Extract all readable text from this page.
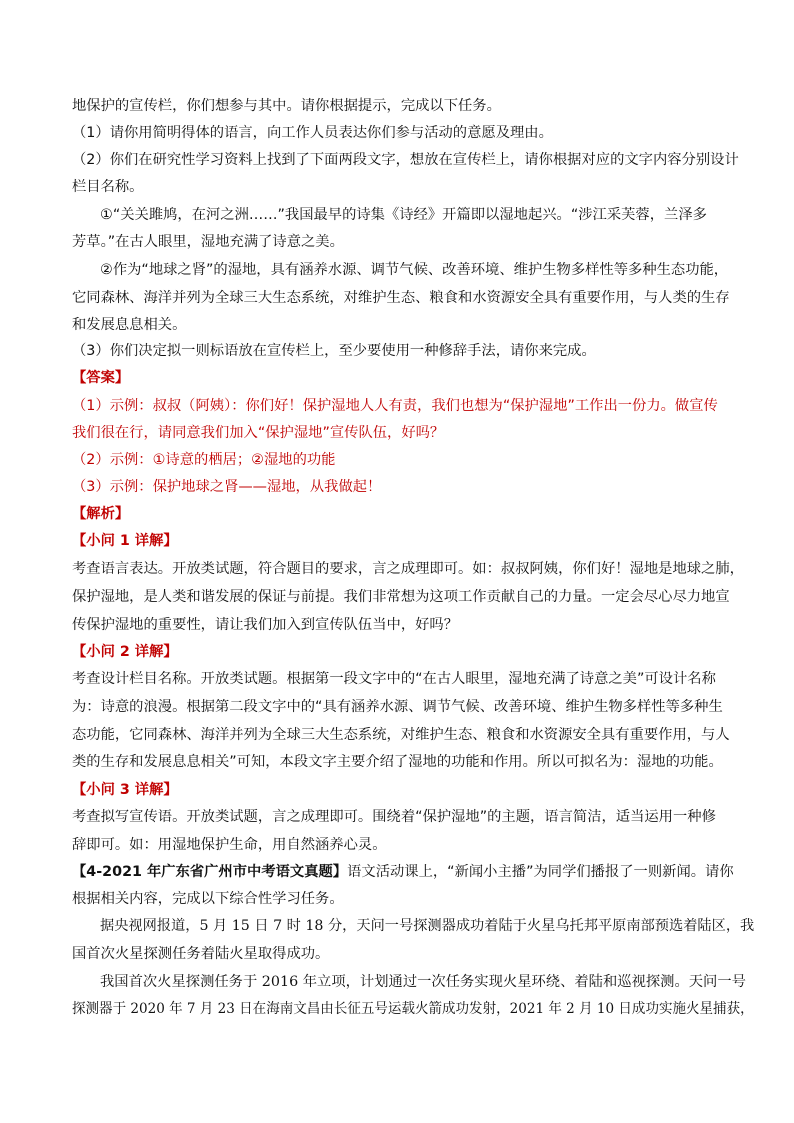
地保护的宣传栏，你们想参与其中。请你根据提示，完成以下任务。
（1）请你用简明得体的语言，向工作人员表达你们参与活动的意愿及理由。
（2）你们在研究性学习资料上找到了下面两段文字，想放在宣传栏上，请你根据对应的文字内容分别设计
栏目名称。
①“关关雎鸠，在河之洲……”我国最早的诗集《诗经》开篇即以湿地起兴。“涉江采芙蓉，兰泽多
芳草。”在古人眼里，湿地充满了诗意之美。
②作为“地球之肾”的湿地，具有涵养水源、调节气候、改善环境、维护生物多样性等多种生态功能，
它同森林、海洋并列为全球三大生态系统，对维护生态、粮食和水资源安全具有重要作用，与人类的生存
和发展息息相关。
（3）你们决定拟一则标语放在宣传栏上，至少要使用一种修辞手法，请你来完成。
【答案】
（1）示例：叔叔（阿姨）：你们好！保护湿地人人有责，我们也想为“保护湿地”工作出一份力。做宣传
我们很在行，请同意我们加入“保护湿地”宣传队伍，好吗？
（2）示例：①诗意的栖居；②湿地的功能
（3）示例：保护地球之肾——湿地，从我做起！
【解析】
【小问 1 详解】
考查语言表达。开放类试题，符合题目的要求，言之成理即可。如：叔叔阿姨，你们好！湿地是地球之肺，
保护湿地，是人类和谐发展的保证与前提。我们非常想为这项工作贡献自己的力量。一定会尽心尽力地宣
传保护湿地的重要性，请让我们加入到宣传队伍当中，好吗？
【小问 2 详解】
考查设计栏目名称。开放类试题。根据第一段文字中的“在古人眼里，湿地充满了诗意之美”可设计名称
为：诗意的浪漫。根据第二段文字中的“具有涵养水源、调节气候、改善环境、维护生物多样性等多种生
态功能，它同森林、海洋并列为全球三大生态系统，对维护生态、粮食和水资源安全具有重要作用，与人
类的生存和发展息息相关”可知，本段文字主要介绍了湿地的功能和作用。所以可拟名为：湿地的功能。
【小问 3 详解】
考查拟写宣传语。开放类试题，言之成理即可。围绕着“保护湿地”的主题，语言简洁，适当运用一种修
辞即可。如：用湿地保护生命，用自然涵养心灵。
【4-2021 年广东省广州市中考语文真题】语文活动课上，“新闻小主播”为同学们播报了一则新闻。请你
根据相关内容，完成以下综合性学习任务。
据央视网报道，5 月 15 日 7 时 18 分，天问一号探测器成功着陆于火星乌托邦平原南部预选着陆区，我
国首次火星探测任务着陆火星取得成功。
我国首次火星探测任务于 2016 年立项，计划通过一次任务实现火星环绕、着陆和巡视探测。天问一号
探测器于 2020 年 7 月 23 日在海南文昌由长征五号运载火箭成功发射，2021 年 2 月 10 日成功实施火星捕获，
